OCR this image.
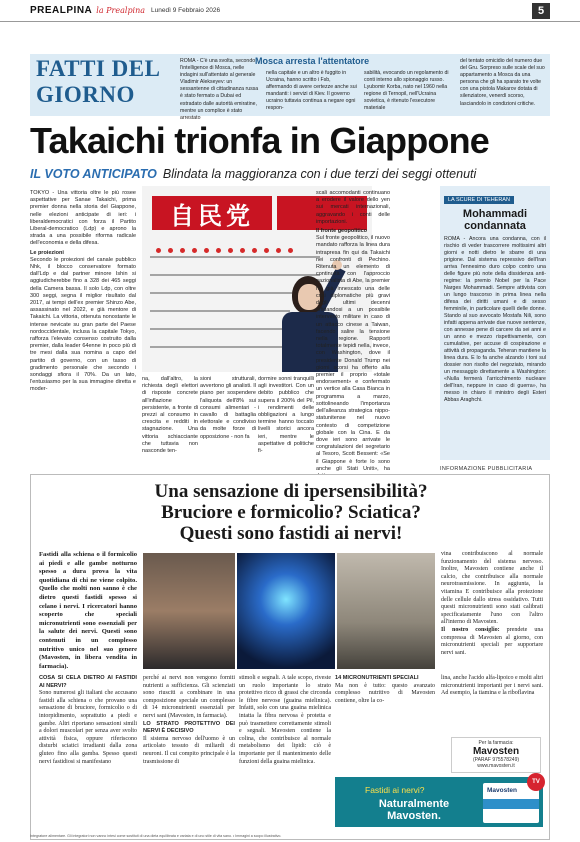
PREALPINA la Prealpina Lunedì 9 Febbraio 2026	5
FATTI DEL
GIORNO
Mosca arresta l'attentatore
ROMA - C'è una svolta, secondo l'intelligence di Mosca, nelle indagini sull'attentato al generale Vladimir Alekseyev: un sessantenne di cittadinanza russa è stato fermato a Dubai ed estradato dalle autorità emiratine, mentre un complice è stato arrestato
nella capitale e un altro è fuggito in Ucraina, hanno scritto i Fsb, affermando di avere certezze anche sui mandanti: i servizi di Kiev. Il governo ucraino tuttavia continua a negare ogni respon-
sabilità, evocando un regolamento di conti interno allo spionaggio russo. Lyubomir Korba, nato nel 1960 nella regione di Ternopil, nell'Ucraina sovietica, è ritenuto l'esecutore materiale
del tentato omicidio del numero due del Gru. Sorpreso sulle scale del suo appartamento a Mosca da una persona che gli ha sparato tre volte con una pistola Makarov dotata di silenziatore, venerdì scorso, lasciandolo in condizioni critiche.
Takaichi trionfa in Giappone
IL VOTO ANTICIPATO Blindata la maggioranza con i due terzi dei seggi ottenuti
TOKYO - Una vittoria oltre le più rosee aspettative per Sanae Takaichi, prima premier donna nella storia del Giappone, nelle elezioni anticipate di ieri: i liberaldemocratici con forza il Partito Liberal-democratico (Ldp) e aprono la strada a una possibile riforma radicale dell'economia e della difesa.
Le proiezioni
Secondo le proiezioni del canale pubblico Nhk, il blocco conservatore formato dall'Ldp e dal partner minore Ishin si aggiudicherebbe fino a 328 dei 465 seggi della Camera bassa. Il solo Ldp, con oltre 300 seggi, segna il miglior risultato dal 2017, ai tempi dell'ex premier Shinzo Abe, assassinato nel 2022, e già mentore di Takaichi. La vittoria, ottenuta nonostante le intense nevicate su gran parte del Paese nordoccidentale, inclusa la capitale Tokyo, rafforza l'elevato consenso costruito dalla premier, dalla leader 64enne in poco più di tre mesi dalla sua nomina a capo del partito di governo, con un tasso di gradimento personale che secondo i sondaggi sfiora il 70%. Da un lato, l'entusiasmo per la sua immagine diretta e moder-
自民党
na, dall'altro, la richiesta degli elettori di risposte concrete all'inflazione persistente, a fronte di prezzi al consumo in crescita e redditi in stagnazione. Una vittoria schiacciante che tuttavia non nasconde ten-
sioni strutturali, avvertono gli analisti. Il piano per sospendere l'aliquota dell'8% sui consumi alimentari - cavallo di battaglia elettorale e condiviso da molte forze di opposizione - non fa
dormire sonni tranquilli agli investitori. Con un debito pubblico che supera il 200% del Pil, i rendimenti delle obbligazioni a lungo termine hanno toccato livelli storici ancora ieri, mentre le aspettative di politiche fi-
scali accomodanti continuano a erodere il valore dello yen sui mercati internazionali, aggravando i conti delle importazioni.
Il fronte geopolitico
Sul fronte geopolitico, il nuovo mandato rafforza la linea dura intrapresa fin qui da Takaichi nei confronti di Pechino. Ritenuta un elemento di continuità con l'approccio nazionalista di Abe, la premier ha già innescato una delle crisi diplomatiche più gravi degli ultimi decenni affidandosi a un possibile intervento militare in caso di un attacco cinese a Taiwan, facendo salire la tensione nella regione. Rapporti totalmente tepidi nella, invece, con Washington, dove il presidente Donald Trump nei giorni scorsi ha offerto alla premier il proprio «totale endorsement» e confermato un vertice alla Casa Bianca in programma a marzo, sottolineando l'importanza dell'alleanza strategica nippo-statunitense nel nuovo contesto di competizione globale con la Cina. E da dove ieri sono arrivate le congratulazioni del segretario al Tesoro, Scott Bessent: «Se il Giappone è forte lo sono anche gli Stati Uniti», ha
LA SCURE DI TEHERAN
Mohammadi condannata
ROMA - Ancora una condanna, con il rischio di veder trascorrere moltissimi altri giorni e notti dietro le sbarre di una prigione. Dal sistema repressivo dell'Iran arriva l'ennesimo duro colpo contro una delle figure più note della dissidenza anti-regime: la premio Nobel per la Pace Narges Mohammadi. Sempre attivista con un lungo trascorso in prima linea nella difesa dei diritti umani e di sesso femminile, in particolare quelli delle donne. Stando al suo avvocato Mostafa Nili, sono infatti appena arrivate due nuove sentenze, con annesse pene di carcere da sei anni e un anno e mezzo rispettivamente, con cumulative, per accuse di cospirazione e attività di propaganda. Teheran mantiene la linea dura. E lo fa anche alzando i toni sul dossier non risolto del negoziato, mirando un messaggio direttamente a Washington: «Nulla fermerà l'arricchimento nucleare dell'Iran, neppure in caso di guerra», ha messo in chiaro il ministro degli Esteri Abbas Araghchi.
INFORMAZIONE PUBBLICITARIA
Una sensazione di ipersensibilità?
Bruciore e formicolio? Sciatica?
Questi sono fastidi ai nervi!
Fastidi alla schiena o il formicolio ai piedi e alle gambe notturno spesso a dura prova la vita quotidiana di chi ne viene colpito. Quello che molti non sanno è che dietro questi fastidi spesso si celano i nervi. I ricercatori hanno scoperto che speciali micronutrienti sono essenziali per la salute dei nervi. Questi sono contenuti in un complesso nutritivo unico nel suo genere (Mavosten, in libera vendita in farmacia).
COSA SI CELA DIETRO AI FASTIDI AI NERVI?
Sono numerosi gli italiani che accusano fastidi alla schiena o che provano una sensazione di bruciore, formicolio o di intorpidimento, soprattutto a piedi e gambe. Altri riportano sensazioni simili a dolori muscolari per senza aver svolto attività fisica, oppure riferiscono disturbi sciatici irradianti dalla zona gluteo fino alla gamba. Spesso questi nervi fastidiosi si manifestano
perché ai nervi non vengono forniti nutrienti a sufficienza. Gli scienziati sono riusciti a combinare in una composizione speciale un complesso di 14 micronutrienti essenziali per nervi sani (Mavosten, in farmacia).
LO STRATO PROTETTIVO DEI NERVI È DECISIVO
Il sistema nervoso dell'uomo è un articolato tessuto di miliardi di neuroni. Il cui compito principale è la trasmissione di
stimoli e segnali. A tale scopo, riveste un ruolo importante lo strato protettivo ricco di grassi che circonda le fibre nervose (guaina mielinica). Infatti, solo con una guaina mielinica intatta la fibra nervosa è protetta e può trasmettere correttamente stimoli e segnali. Mavosten contiene la colina, che contribuisce al normale metabolismo dei lipidi: ciò è importante per il mantenimento delle funzioni della guaina mielinica.
14 MICRONUTRIENTI SPECIALI
Ma non è tutto: questo avanzato complesso nutritivo di Mavosten contiene, oltre la co-
lina, anche l'acido alfa-lipoico e molti altri micronutrienti importanti per i nervi sani. Ad esempio, la tiamina e la riboflavina
vina contribuiscono al normale funzionamento del sistema nervoso. Inoltre, Mavosten contiene anche il calcio, che contribuisce alla normale neurotrasmissione. In aggiunta, la vitamina E contribuisce alla protezione delle cellule dallo stress ossidativo. Tutti questi micronutrienti sono stati calibrati specificatamente l'uno con l'altro all'interno di Mavosten.
Il nostro consiglio: prendete una compressa di Mavosten al giorno, con micronutrienti speciali per supportare nervi sani.
Per la farmacia:
Mavosten
(PARAF 975578249)
www.mavosten.it
Fastidi ai nervi?
Naturalmente Mavosten.
Mavosten
TV
Integratore alimentare. Gli integratori non vanno intesi come sostituti di una dieta equilibrata e variata e di uno stile di vita sano. • Immagini a scopo illustrativo.
